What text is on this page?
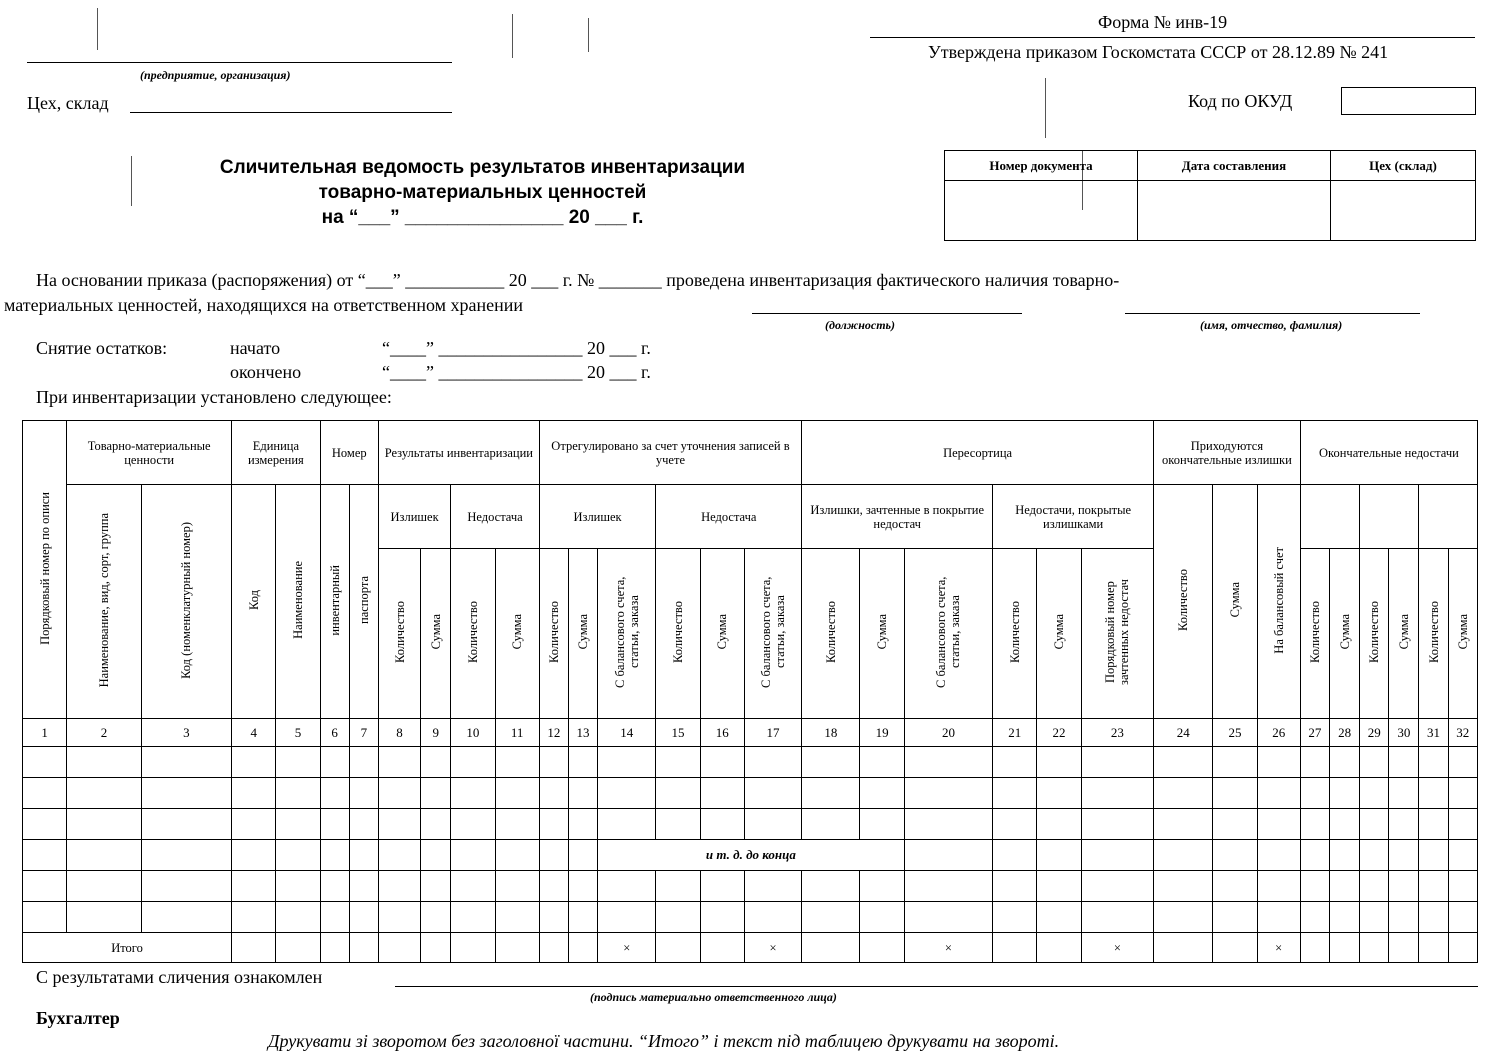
(предприятие, организация)
Цех, склад
Форма № инв-19
Утверждена приказом Госкомстата СССР от 28.12.89 № 241
Код по ОКУД
Сличительная ведомость результатов инвентаризации
товарно-материальных ценностей
на “___” _______________ 20 ___ г.
Номер документа	Дата составления	Цех (склад)

На основании приказа (распоряжения) от “___” ___________ 20 ___ г. № _______ проведена инвентаризация фактического наличия товарно-
материальных ценностей, находящихся на ответственном хранении
(должность)	(имя, отчество, фамилия)
Снятие остатков:	начато	“____” ________________ 20 ___ г.
окончено	“____” ________________ 20 ___ г.
При инвентаризации установлено следующее:
Порядковый номер по описи	Товарно-материальные ценности		Единица измерения		Номер		Результаты инвентаризации				Отрегулировано за счет уточнения записей в учете						Пересортица						Приходуются окончательные излишки			Окончательные недостачи					
	Наименование, вид, сорт, группа	Код (номенклатурный номер)	Код	Наименование	инвентарный	паспорта	Излишек		Недостача		Излишек			Недостача			Излишки, зачтенные в покрытие недостач			Недостачи, покрытые излишками			Количество	Сумма	На балансовый счет						
							Количество	Сумма	Количество	Сумма	Количество	Сумма	С балансового счета, статьи, заказа	Количество	Сумма	С балансового счета, статьи, заказа	Количество	Сумма	С балансового счета, статьи, заказа	Количество	Сумма	Порядковый номер зачтенных недостач				Количество	Сумма	Количество	Сумма	Количество	Сумма
1	2	3	4	5	6	7	8	9	10	11	12	13	14	15	16	17	18	19	20	21	22	23	24	25	26	27	28	29	30	31	32

													и т. д. до конца																		

Итого													×			×			×			×			×						
С результатами сличения ознакомлен
(подпись материально ответственного лица)
Бухгалтер
Друкувати зі зворотом без заголовної частини. “Итого” і текст під таблицею друкувати на звороті.
